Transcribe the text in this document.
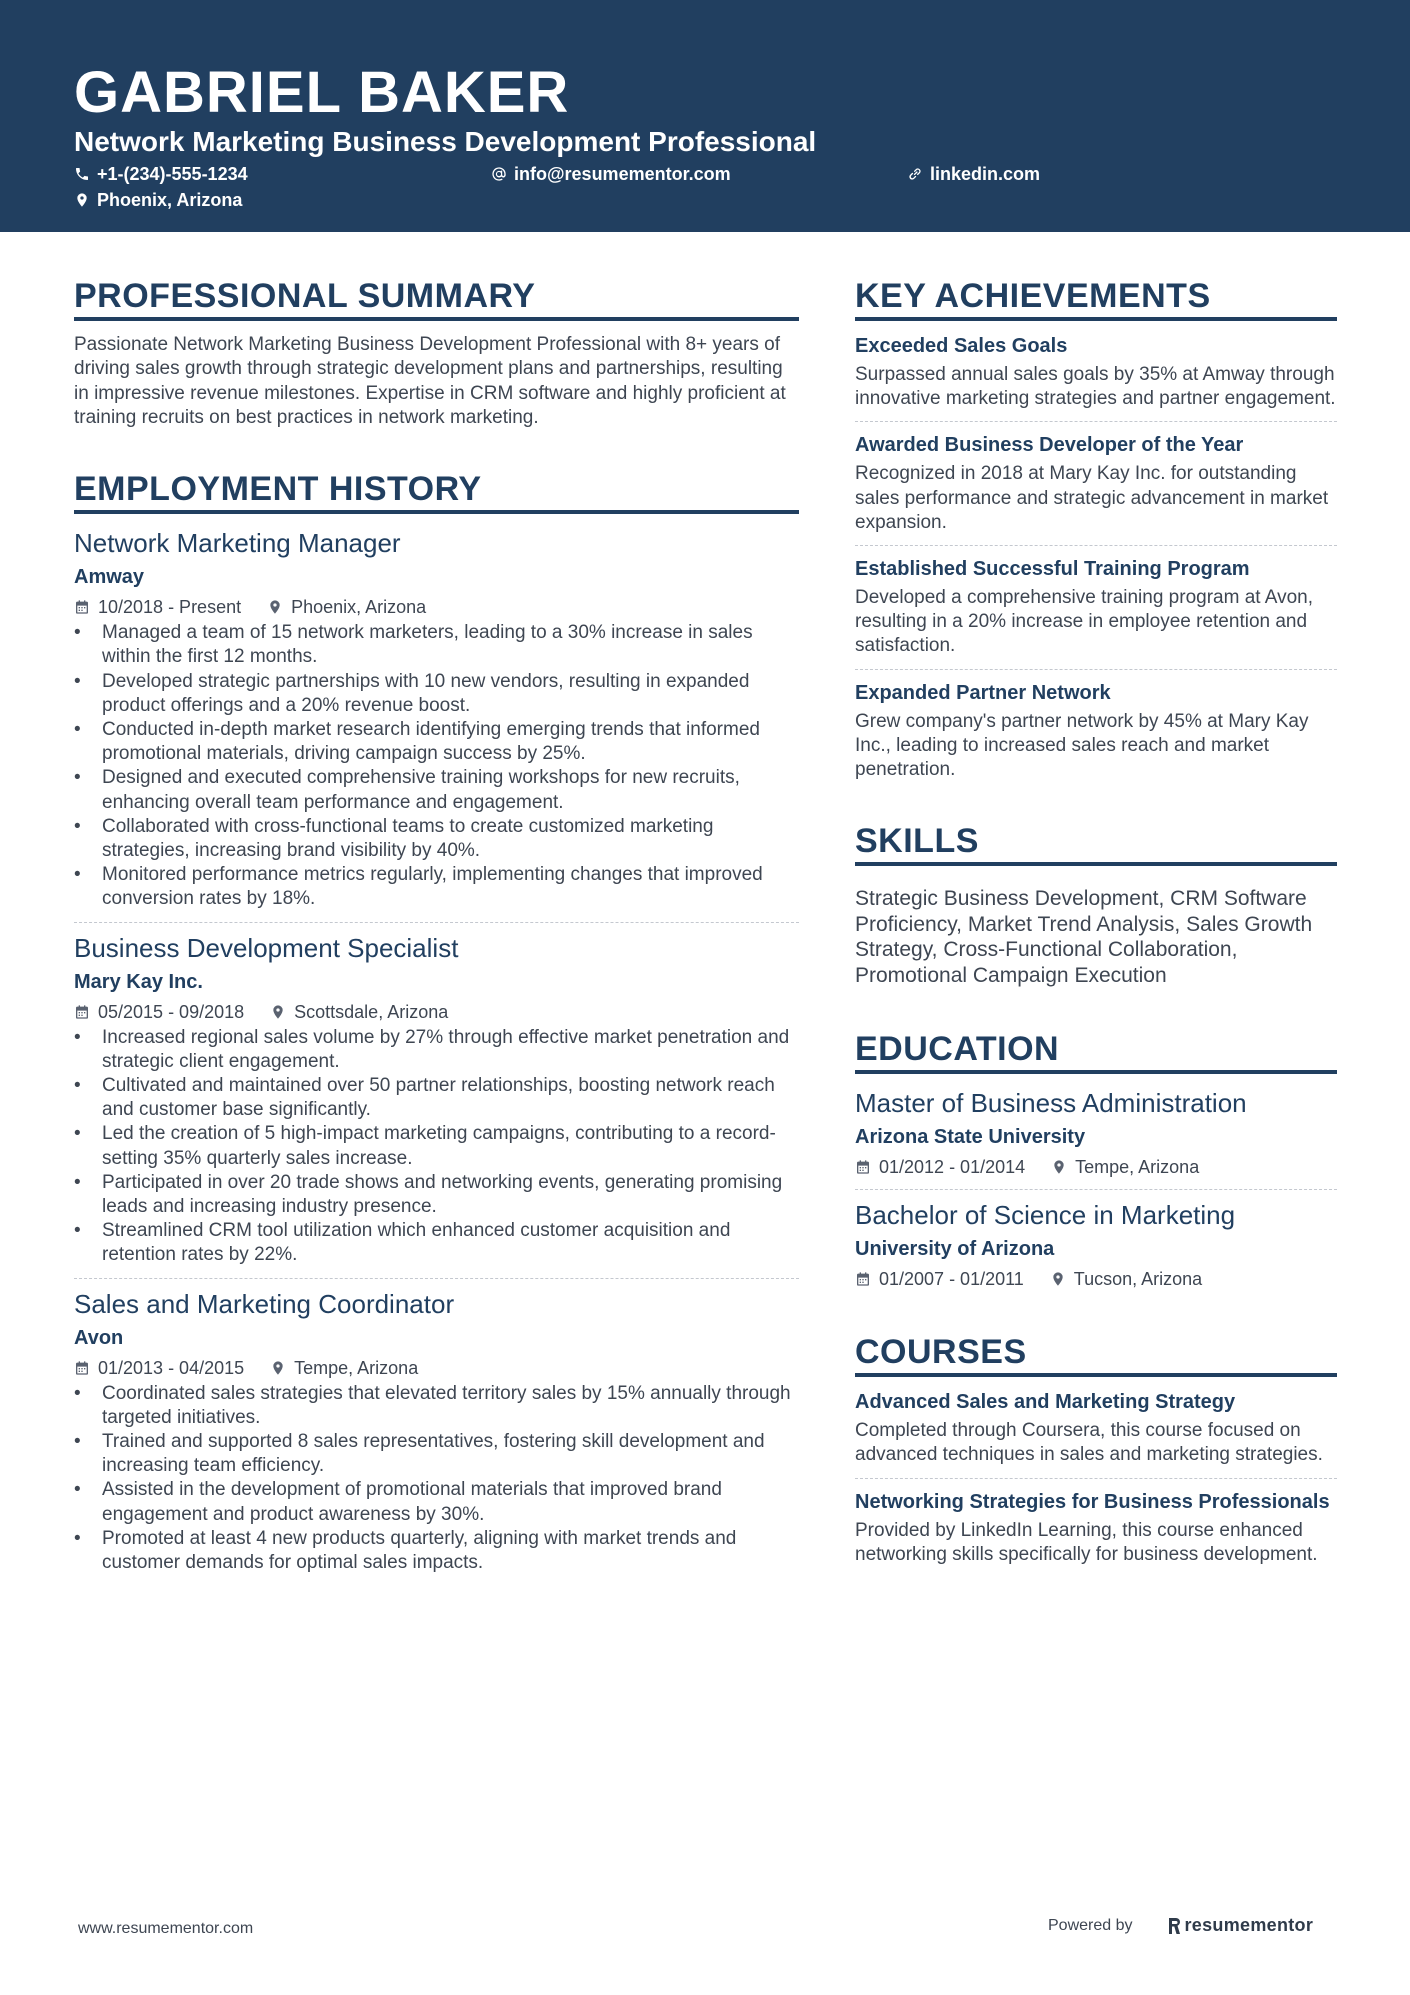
GABRIEL BAKER
Network Marketing Business Development Professional
+1-(234)-555-1234	info@resumementor.com	linkedin.com
Phoenix, Arizona
PROFESSIONAL SUMMARY
Passionate Network Marketing Business Development Professional with 8+ years of driving sales growth through strategic development plans and partnerships, resulting in impressive revenue milestones. Expertise in CRM software and highly proficient at training recruits on best practices in network marketing.
EMPLOYMENT HISTORY
Network Marketing Manager
Amway
10/2018 - Present	Phoenix, Arizona
• Managed a team of 15 network marketers, leading to a 30% increase in sales within the first 12 months.
• Developed strategic partnerships with 10 new vendors, resulting in expanded product offerings and a 20% revenue boost.
• Conducted in-depth market research identifying emerging trends that informed promotional materials, driving campaign success by 25%.
• Designed and executed comprehensive training workshops for new recruits, enhancing overall team performance and engagement.
• Collaborated with cross-functional teams to create customized marketing strategies, increasing brand visibility by 40%.
• Monitored performance metrics regularly, implementing changes that improved conversion rates by 18%.
Business Development Specialist
Mary Kay Inc.
05/2015 - 09/2018	Scottsdale, Arizona
• Increased regional sales volume by 27% through effective market penetration and strategic client engagement.
• Cultivated and maintained over 50 partner relationships, boosting network reach and customer base significantly.
• Led the creation of 5 high-impact marketing campaigns, contributing to a record-setting 35% quarterly sales increase.
• Participated in over 20 trade shows and networking events, generating promising leads and increasing industry presence.
• Streamlined CRM tool utilization which enhanced customer acquisition and retention rates by 22%.
Sales and Marketing Coordinator
Avon
01/2013 - 04/2015	Tempe, Arizona
• Coordinated sales strategies that elevated territory sales by 15% annually through targeted initiatives.
• Trained and supported 8 sales representatives, fostering skill development and increasing team efficiency.
• Assisted in the development of promotional materials that improved brand engagement and product awareness by 30%.
• Promoted at least 4 new products quarterly, aligning with market trends and customer demands for optimal sales impacts.
KEY ACHIEVEMENTS
Exceeded Sales Goals
Surpassed annual sales goals by 35% at Amway through innovative marketing strategies and partner engagement.
Awarded Business Developer of the Year
Recognized in 2018 at Mary Kay Inc. for outstanding sales performance and strategic advancement in market expansion.
Established Successful Training Program
Developed a comprehensive training program at Avon, resulting in a 20% increase in employee retention and satisfaction.
Expanded Partner Network
Grew company's partner network by 45% at Mary Kay Inc., leading to increased sales reach and market penetration.
SKILLS
Strategic Business Development, CRM Software Proficiency, Market Trend Analysis, Sales Growth Strategy, Cross-Functional Collaboration, Promotional Campaign Execution
EDUCATION
Master of Business Administration
Arizona State University
01/2012 - 01/2014	Tempe, Arizona
Bachelor of Science in Marketing
University of Arizona
01/2007 - 01/2011	Tucson, Arizona
COURSES
Advanced Sales and Marketing Strategy
Completed through Coursera, this course focused on advanced techniques in sales and marketing strategies.
Networking Strategies for Business Professionals
Provided by LinkedIn Learning, this course enhanced networking skills specifically for business development.
www.resumementor.com	Powered by	resumementor
